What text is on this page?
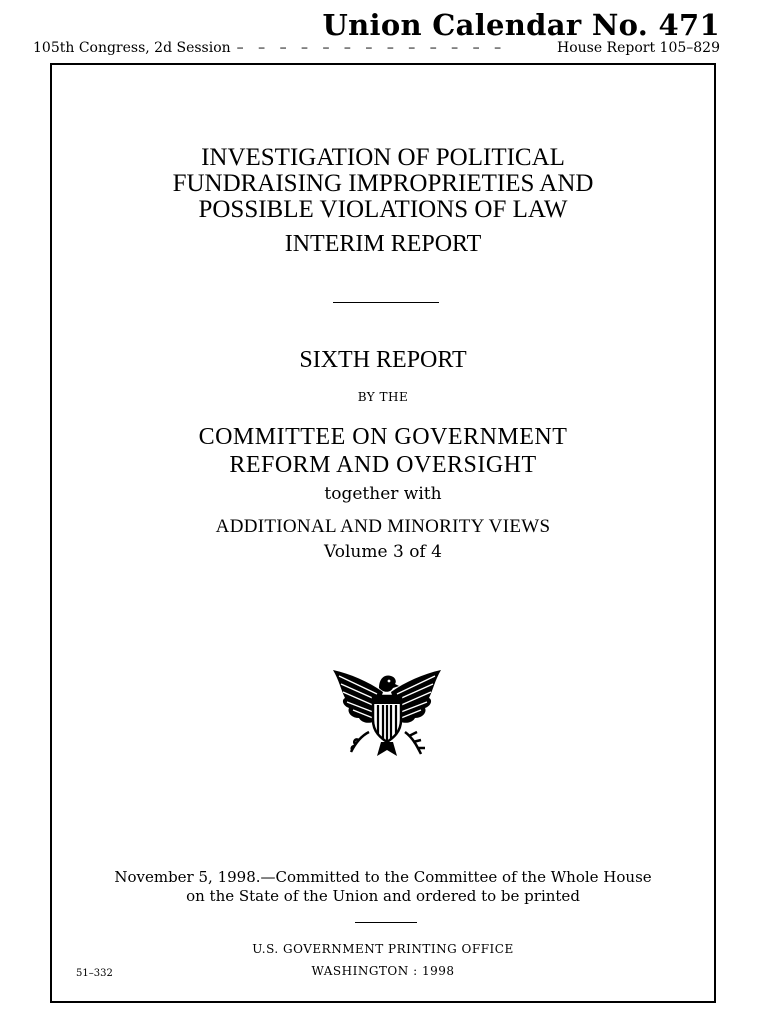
Union Calendar No. 471
105th Congress, 2d Session – – – – – – – – – – – – –	House Report 105–829
INVESTIGATION OF POLITICAL
FUNDRAISING IMPROPRIETIES AND
POSSIBLE VIOLATIONS OF LAW
INTERIM REPORT
SIXTH REPORT
BY THE
COMMITTEE ON GOVERNMENT
REFORM AND OVERSIGHT
together with
ADDITIONAL AND MINORITY VIEWS
Volume 3 of 4
November 5, 1998.—Committed to the Committee of the Whole House
on the State of the Union and ordered to be printed
U.S. GOVERNMENT PRINTING OFFICE
WASHINGTON : 1998
51–332
